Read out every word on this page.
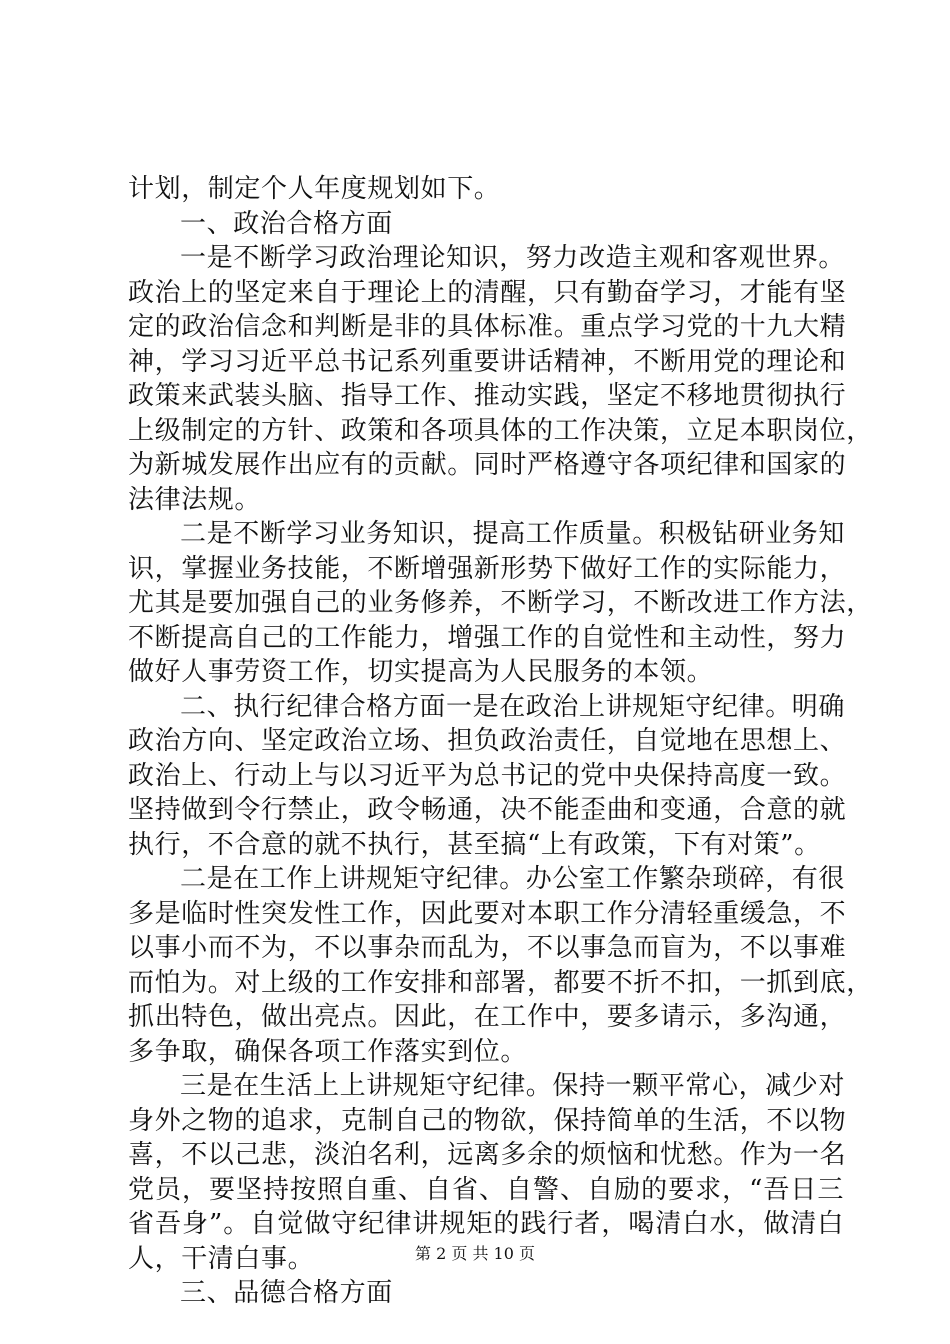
计划，制定个人年度规划如下。
一、政治合格方面
一是不断学习政治理论知识，努力改造主观和客观世界。
政治上的坚定来自于理论上的清醒，只有勤奋学习，才能有坚
定的政治信念和判断是非的具体标准。重点学习党的十九大精
神，学习习近平总书记系列重要讲话精神，不断用党的理论和
政策来武装头脑、指导工作、推动实践，坚定不移地贯彻执行
上级制定的方针、政策和各项具体的工作决策，立足本职岗位，
为新城发展作出应有的贡献。同时严格遵守各项纪律和国家的
法律法规。
二是不断学习业务知识，提高工作质量。积极钻研业务知
识，掌握业务技能，不断增强新形势下做好工作的实际能力，
尤其是要加强自己的业务修养，不断学习，不断改进工作方法，
不断提高自己的工作能力，增强工作的自觉性和主动性，努力
做好人事劳资工作，切实提高为人民服务的本领。
二、执行纪律合格方面一是在政治上讲规矩守纪律。明确
政治方向、坚定政治立场、担负政治责任，自觉地在思想上、
政治上、行动上与以习近平为总书记的党中央保持高度一致。
坚持做到令行禁止，政令畅通，决不能歪曲和变通，合意的就
执行，不合意的就不执行，甚至搞“上有政策，下有对策”。
二是在工作上讲规矩守纪律。办公室工作繁杂琐碎，有很
多是临时性突发性工作，因此要对本职工作分清轻重缓急，不
以事小而不为，不以事杂而乱为，不以事急而盲为，不以事难
而怕为。对上级的工作安排和部署，都要不折不扣，一抓到底，
抓出特色，做出亮点。因此，在工作中，要多请示，多沟通，
多争取，确保各项工作落实到位。
三是在生活上上讲规矩守纪律。保持一颗平常心，减少对
身外之物的追求，克制自己的物欲，保持简单的生活，不以物
喜，不以己悲，淡泊名利，远离多余的烦恼和忧愁。作为一名
党员，要坚持按照自重、自省、自警、自励的要求，“吾日三
省吾身”。自觉做守纪律讲规矩的践行者，喝清白水，做清白
人，干清白事。
三、品德合格方面
第 2 页 共 10 页
